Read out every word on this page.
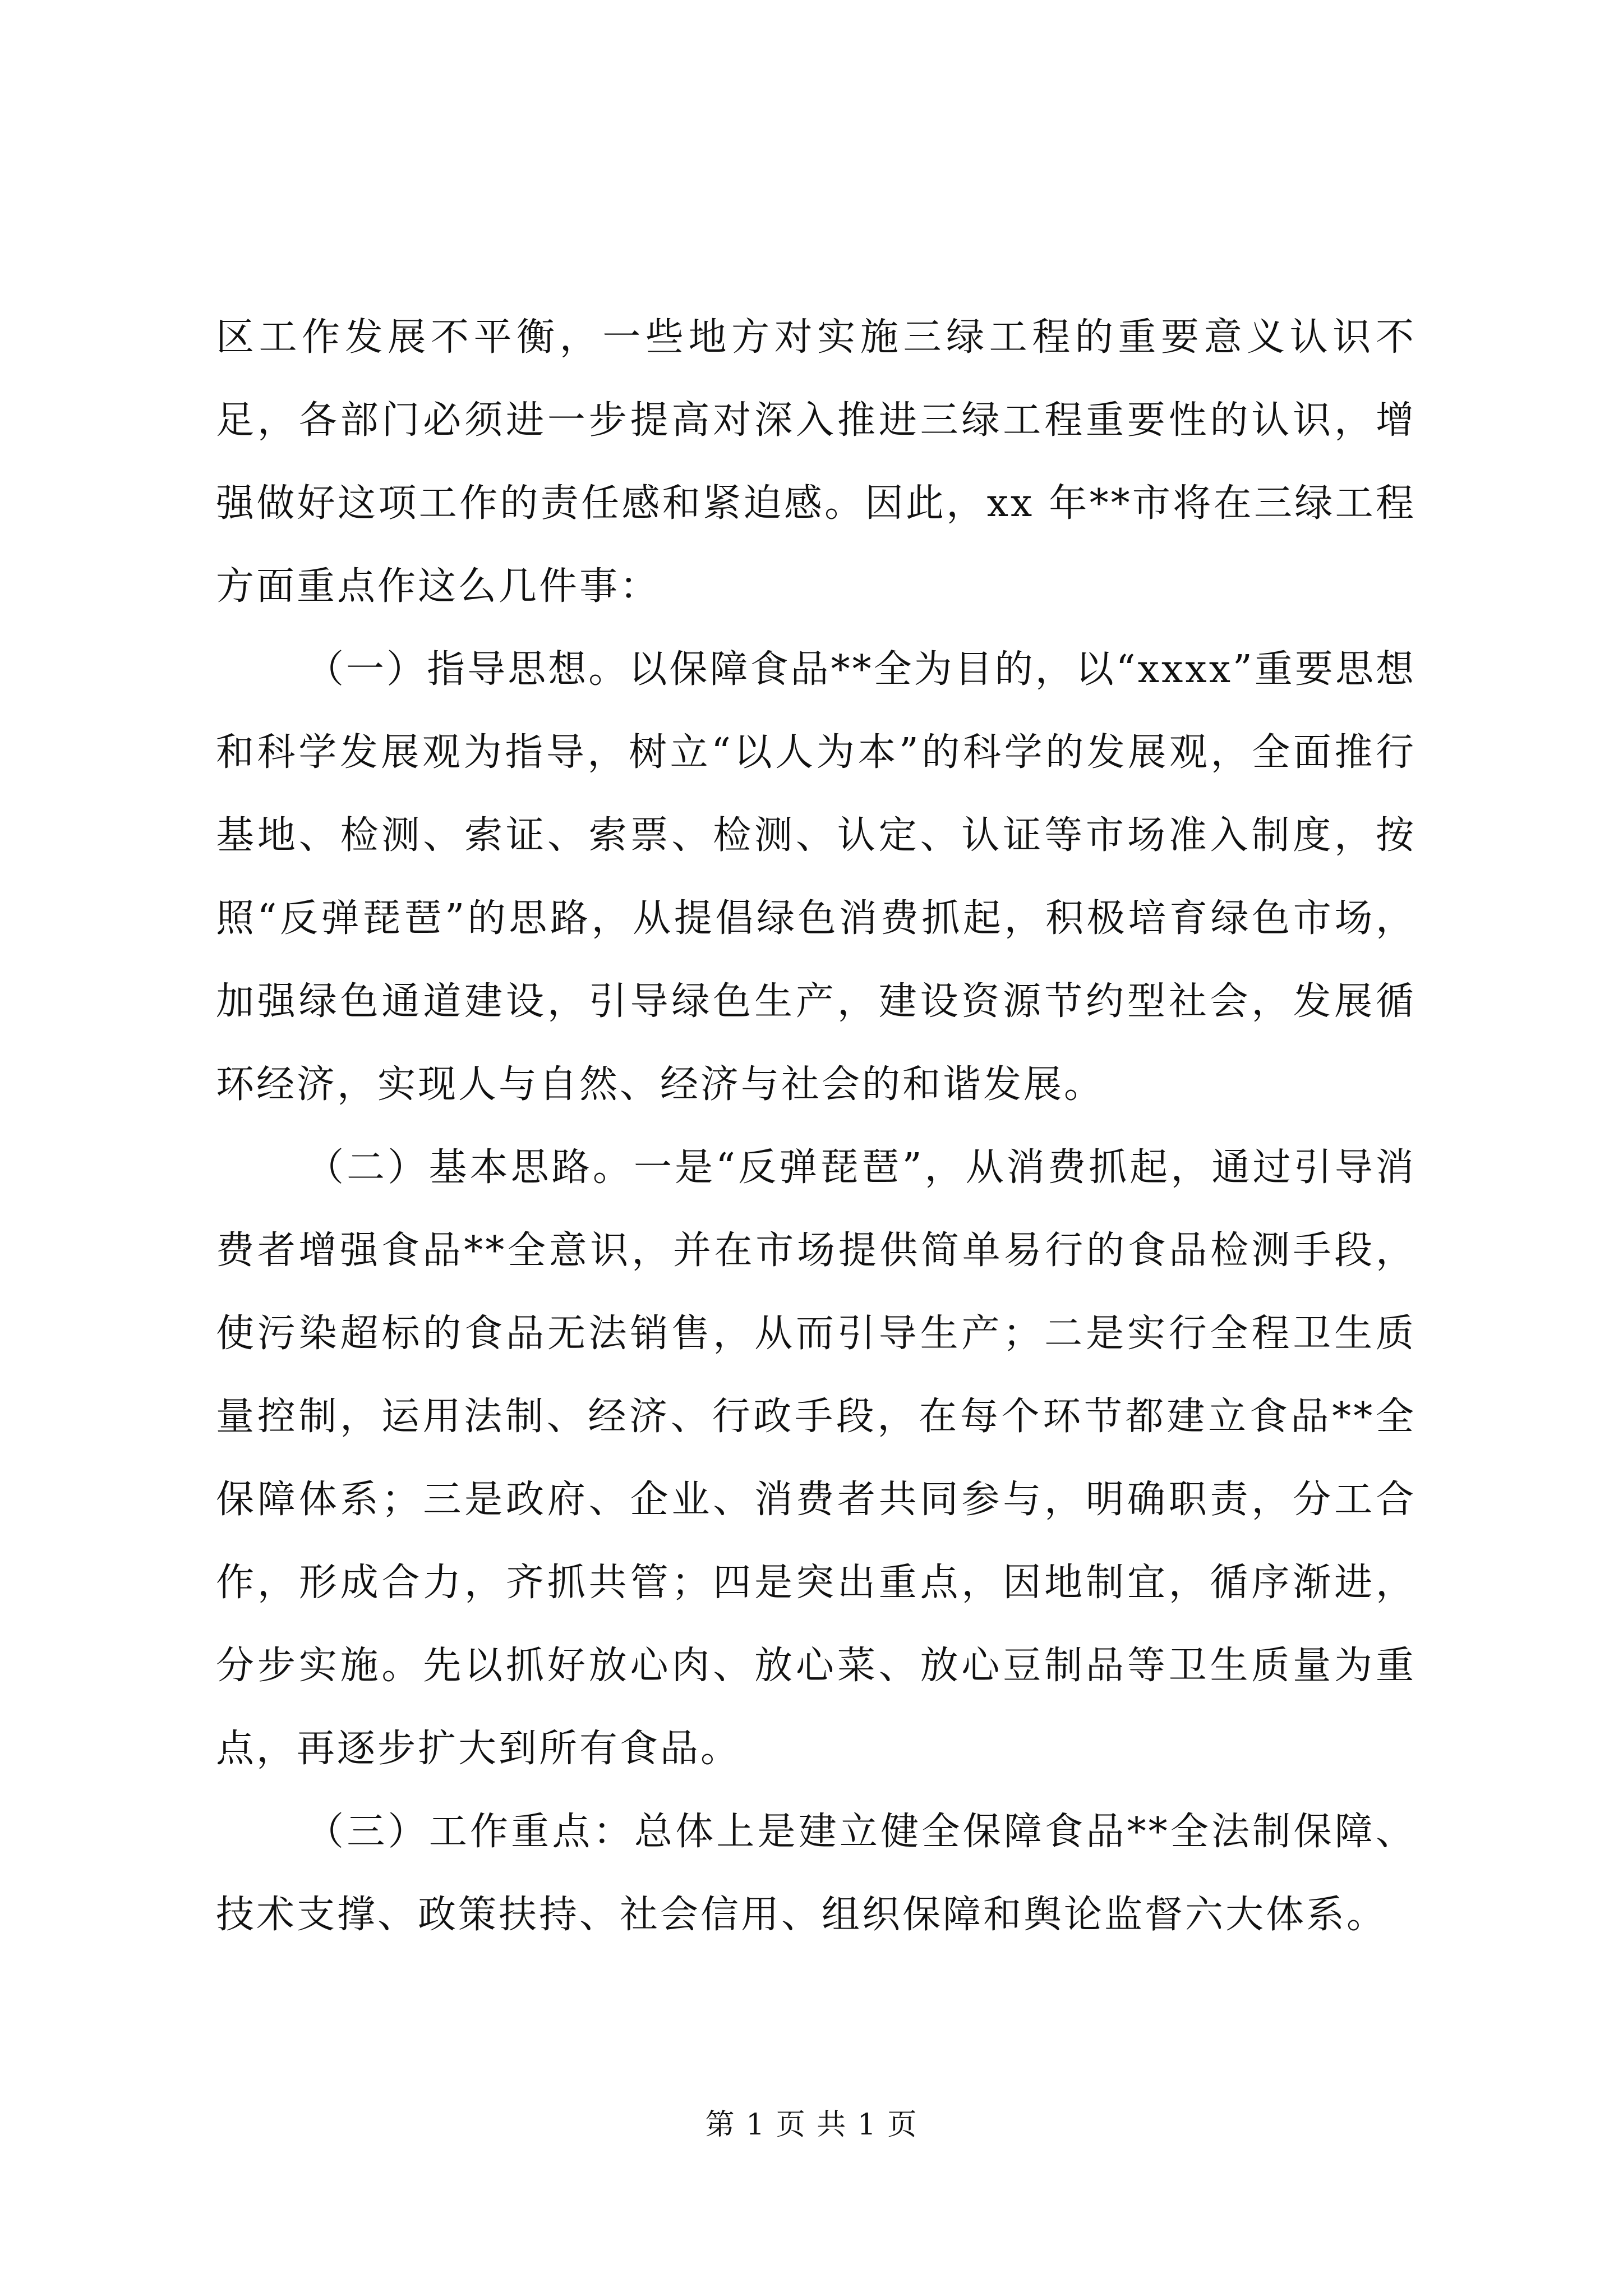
区工作发展不平衡，一些地方对实施三绿工程的重要意义认识不足，各部门必须进一步提高对深入推进三绿工程重要性的认识，增强做好这项工作的责任感和紧迫感。因此，xx 年**市将在三绿工程方面重点作这么几件事：

（一）指导思想。以保障食品**全为目的，以“xxxx”重要思想和科学发展观为指导，树立“以人为本”的科学的发展观，全面推行基地、检测、索证、索票、检测、认定、认证等市场准入制度，按照“反弹琵琶”的思路，从提倡绿色消费抓起，积极培育绿色市场，加强绿色通道建设，引导绿色生产，建设资源节约型社会，发展循环经济，实现人与自然、经济与社会的和谐发展。

（二）基本思路。一是“反弹琵琶”，从消费抓起，通过引导消费者增强食品**全意识，并在市场提供简单易行的食品检测手段，使污染超标的食品无法销售，从而引导生产；二是实行全程卫生质量控制，运用法制、经济、行政手段，在每个环节都建立食品**全保障体系；三是政府、企业、消费者共同参与，明确职责，分工合作，形成合力，齐抓共管；四是突出重点，因地制宜，循序渐进，分步实施。先以抓好放心肉、放心菜、放心豆制品等卫生质量为重点，再逐步扩大到所有食品。

（三）工作重点：总体上是建立健全保障食品**全法制保障、技术支撑、政策扶持、社会信用、组织保障和舆论监督六大体系。

第 1 页 共 1 页
